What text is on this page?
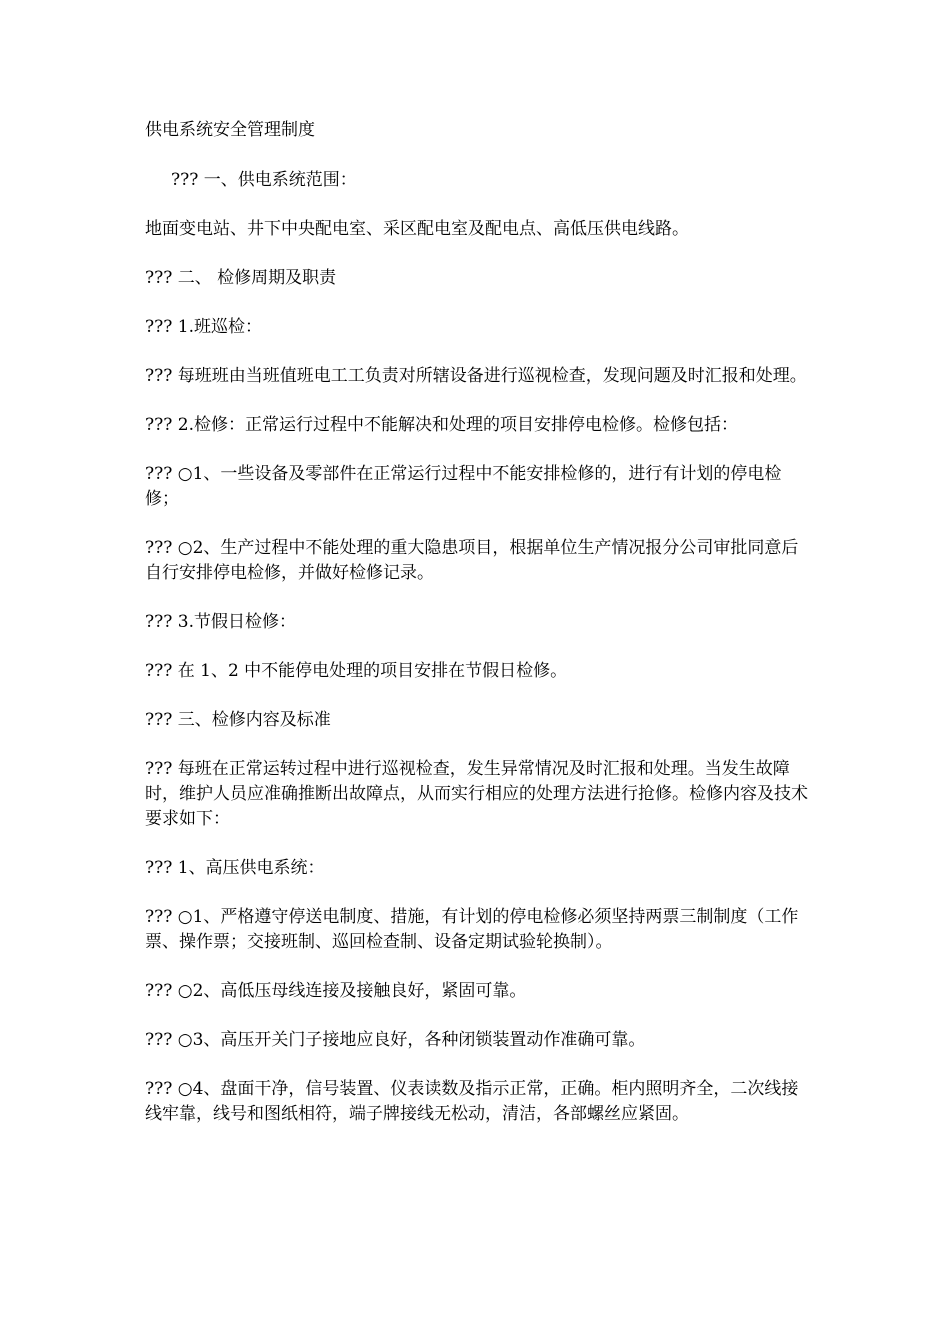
供电系统安全管理制度

??? 一、供电系统范围：

地面变电站、井下中央配电室、采区配电室及配电点、高低压供电线路。

??? 二、 检修周期及职责

??? 1.班巡检：

??? 每班班由当班值班电工工负责对所辖设备进行巡视检查，发现问题及时汇报和处理。

??? 2.检修：正常运行过程中不能解决和处理的项目安排停电检修。检修包括：

??? ○1、一些设备及零部件在正常运行过程中不能安排检修的，进行有计划的停电检修；

??? ○2、生产过程中不能处理的重大隐患项目，根据单位生产情况报分公司审批同意后自行安排停电检修，并做好检修记录。

??? 3.节假日检修：

??? 在 1、2 中不能停电处理的项目安排在节假日检修。

??? 三、检修内容及标准

??? 每班在正常运转过程中进行巡视检查，发生异常情况及时汇报和处理。当发生故障时，维护人员应准确推断出故障点，从而实行相应的处理方法进行抢修。检修内容及技术要求如下：

??? 1、高压供电系统：

??? ○1、严格遵守停送电制度、措施，有计划的停电检修必须坚持两票三制制度（工作票、操作票；交接班制、巡回检查制、设备定期试验轮换制）。

??? ○2、高低压母线连接及接触良好，紧固可靠。

??? ○3、高压开关门子接地应良好，各种闭锁装置动作准确可靠。

??? ○4、盘面干净，信号装置、仪表读数及指示正常，正确。柜内照明齐全，二次线接线牢靠，线号和图纸相符，端子牌接线无松动，清洁，各部螺丝应紧固。
